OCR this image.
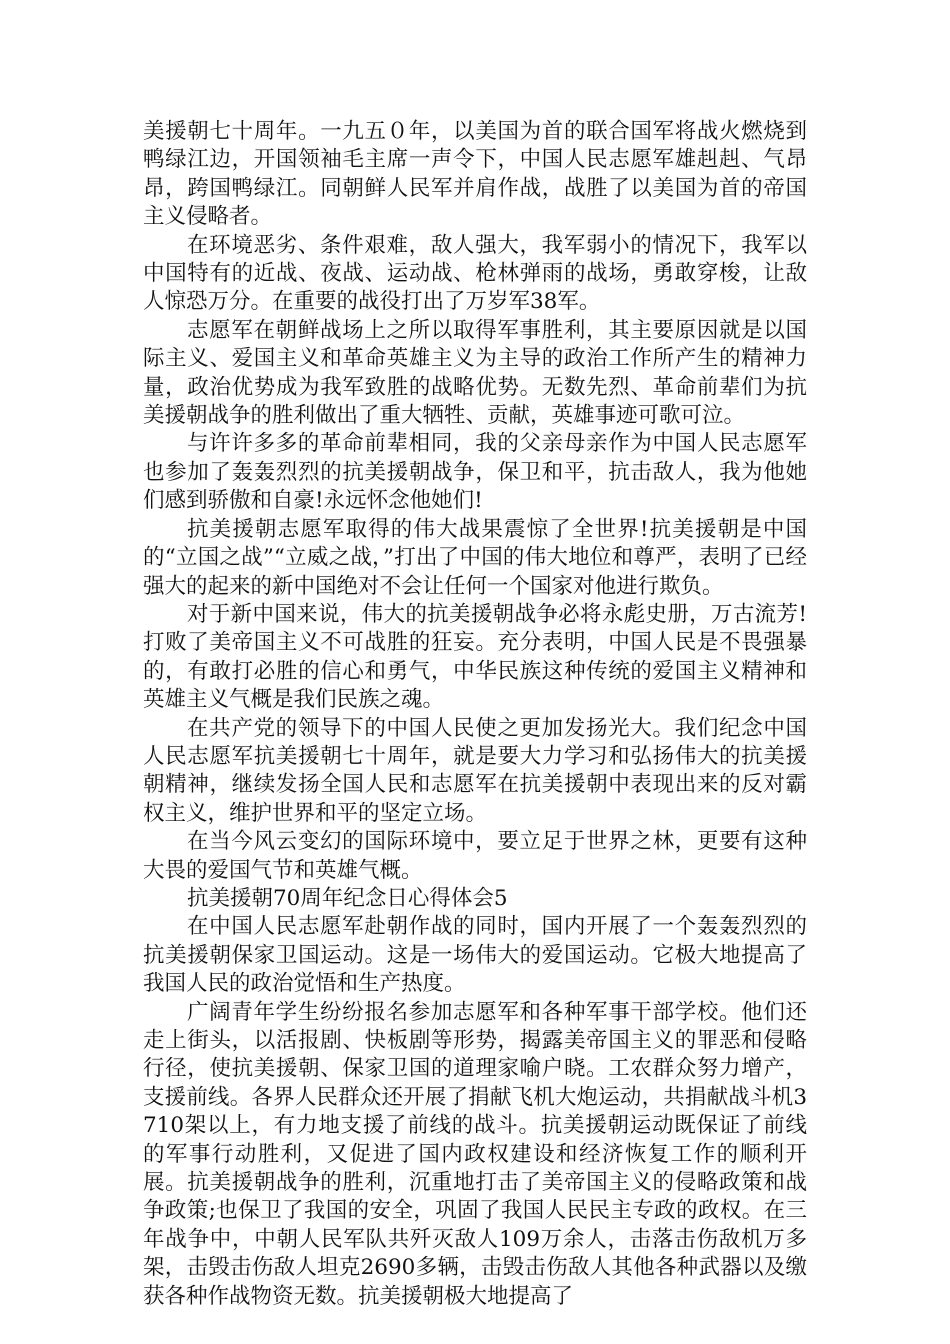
美援朝七十周年。一九五０年，以美国为首的联合国军将战火燃烧到鸭绿江边，开国领袖毛主席一声令下，中国人民志愿军雄赳赳、气昂昂，跨国鸭绿江。同朝鲜人民军并肩作战，战胜了以美国为首的帝国主义侵略者。

在环境恶劣、条件艰难，敌人强大，我军弱小的情况下，我军以中国特有的近战、夜战、运动战、枪林弹雨的战场，勇敢穿梭，让敌人惊恐万分。在重要的战役打出了万岁军38军。

志愿军在朝鲜战场上之所以取得军事胜利，其主要原因就是以国际主义、爱国主义和革命英雄主义为主导的政治工作所产生的精神力量，政治优势成为我军致胜的战略优势。无数先烈、革命前辈们为抗美援朝战争的胜利做出了重大牺牲、贡献，英雄事迹可歌可泣。

与许许多多的革命前辈相同，我的父亲母亲作为中国人民志愿军也参加了轰轰烈烈的抗美援朝战争，保卫和平，抗击敌人，我为他她们感到骄傲和自豪!永远怀念他她们!

抗美援朝志愿军取得的伟大战果震惊了全世界!抗美援朝是中国的“立国之战”“立威之战，”打出了中国的伟大地位和尊严，表明了已经强大的起来的新中国绝对不会让任何一个国家对他进行欺负。

对于新中国来说，伟大的抗美援朝战争必将永彪史册，万古流芳!打败了美帝国主义不可战胜的狂妄。充分表明，中国人民是不畏强暴的，有敢打必胜的信心和勇气，中华民族这种传统的爱国主义精神和英雄主义气概是我们民族之魂。

在共产党的领导下的中国人民使之更加发扬光大。我们纪念中国人民志愿军抗美援朝七十周年，就是要大力学习和弘扬伟大的抗美援朝精神，继续发扬全国人民和志愿军在抗美援朝中表现出来的反对霸权主义，维护世界和平的坚定立场。

在当今风云变幻的国际环境中，要立足于世界之林，更要有这种大畏的爱国气节和英雄气概。

抗美援朝70周年纪念日心得体会5

在中国人民志愿军赴朝作战的同时，国内开展了一个轰轰烈烈的抗美援朝保家卫国运动。这是一场伟大的爱国运动。它极大地提高了我国人民的政治觉悟和生产热度。

广阔青年学生纷纷报名参加志愿军和各种军事干部学校。他们还走上街头，以活报剧、快板剧等形势，揭露美帝国主义的罪恶和侵略行径，使抗美援朝、保家卫国的道理家喻户晓。工农群众努力增产，支援前线。各界人民群众还开展了捐献飞机大炮运动，共捐献战斗机3710架以上，有力地支援了前线的战斗。抗美援朝运动既保证了前线的军事行动胜利，又促进了国内政权建设和经济恢复工作的顺利开展。抗美援朝战争的胜利，沉重地打击了美帝国主义的侵略政策和战争政策;也保卫了我国的安全，巩固了我国人民民主专政的政权。在三年战争中，中朝人民军队共歼灭敌人109万余人，击落击伤敌机万多架，击毁击伤敌人坦克2690多辆，击毁击伤敌人其他各种武器以及缴获各种作战物资无数。抗美援朝极大地提高了
